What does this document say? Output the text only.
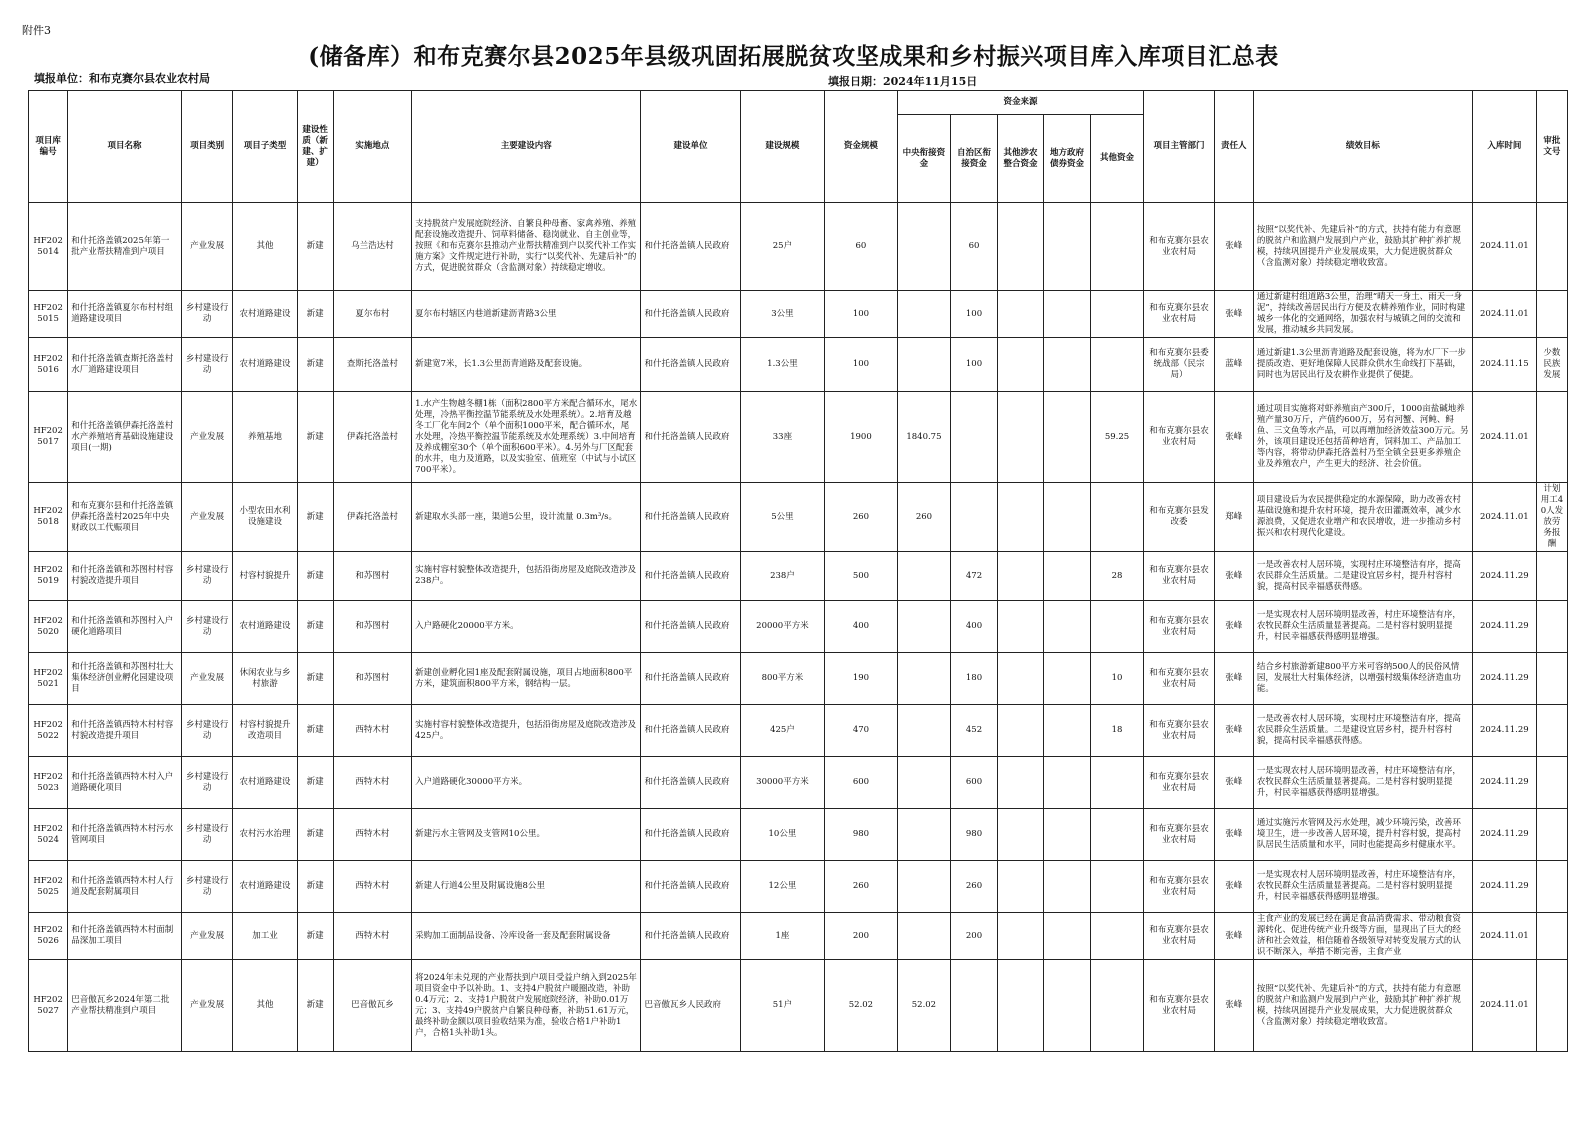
附件3
(储备库）和布克赛尔县2025年县级巩固拓展脱贫攻坚成果和乡村振兴项目库入库项目汇总表
填报单位：和布克赛尔县农业农村局	填报日期：2024年11月15日
项目库编号	项目名称	项目类别	项目子类型	建设性质（新建、扩建）	实施地点	主要建设内容	建设单位	建设规模	资金规模	资金来源					项目主管部门	责任人	绩效目标	入库时间	审批文号
										中央衔接资金	自治区衔接资金	其他涉农整合资金	地方政府债券资金	其他资金					
HF2025014	和什托洛盖镇2025年第一批产业帮扶精准到户项目	产业发展	其他	新建	乌兰浩达村	支持脱贫户发展庭院经济、自繁良种母畜、家禽养殖、养殖配套设施改造提升、饲草料储备、稳岗就业、自主创业等，按照《和布克赛尔县推动产业帮扶精准到户以奖代补工作实施方案》文件规定进行补助，实行“以奖代补、先建后补”的方式，促进脱贫群众（含监测对象）持续稳定增收。	和什托洛盖镇人民政府	25户	60		60				和布克赛尔县农业农村局	张峰	按照“以奖代补、先建后补”的方式，扶持有能力有意愿的脱贫户和监测户发展到户产业，鼓励其扩种扩养扩规模，持续巩固提升产业发展成果，大力促进脱贫群众（含监测对象）持续稳定增收致富。	2024.11.01	
HF2025015	和什托洛盖镇夏尔布村村组道路建设项目	乡村建设行动	农村道路建设	新建	夏尔布村	夏尔布村辖区内巷道新建沥青路3公里	和什托洛盖镇人民政府	3公里	100		100				和布克赛尔县农业农村局	张峰	通过新建村组道路3公里，治理“晴天一身土、雨天一身泥”，持续改善居民出行方便及农耕养殖作业，同时构建城乡一体化的交通网络，加强农村与城镇之间的交流和发展，推动城乡共同发展。	2024.11.01	
HF2025016	和什托洛盖镇查斯托洛盖村水厂道路建设项目	乡村建设行动	农村道路建设	新建	查斯托洛盖村	新建宽7米，长1.3公里沥青道路及配套设施。	和什托洛盖镇人民政府	1.3公里	100		100				和布克赛尔县委统战部（民宗局）	蓝峰	通过新建1.3公里沥青道路及配套设施，将为水厂下一步提质改造、更好地保障人民群众供水生命线打下基础，同时也为居民出行及农耕作业提供了便捷。	2024.11.15	少数民族发展
HF2025017	和什托洛盖镇伊森托洛盖村水产养殖培育基础设施建设项目(一期)	产业发展	养殖基地	新建	伊森托洛盖村	1.水产生物越冬棚1栋（面积2800平方米配合循环水，尾水处理，冷热平衡控温节能系统及水处理系统）。2.培育及越冬工厂化车间2个（单个面积1000平米，配合循环水，尾水处理，冷热平衡控温节能系统及水处理系统）3.中间培育及养成棚室30个（单个面积600平米）。4.另外与厂区配套的水井，电力及道路，以及实验室、值班室（中试与小试区700平米）。	和什托洛盖镇人民政府	33座	1900	1840.75				59.25	和布克赛尔县农业农村局	张峰	通过项目实施将对虾养殖亩产300斤，1000亩盐碱地养殖产量30万斤，产值约600万，另有河蟹、河鲀、鲟鱼、三文鱼等水产品，可以再增加经济效益300万元。另外，该项目建设还包括苗种培育，饲料加工、产品加工等内容，将带动伊森托洛盖村乃至全镇全县更多养殖企业及养殖农户，产生更大的经济、社会价值。	2024.11.01	
HF2025018	和布克赛尔县和什托洛盖镇伊森托洛盖村2025年中央财政以工代赈项目	产业发展	小型农田水利设施建设	新建	伊森托洛盖村	新建取水头部一座，渠道5公里，设计流量 0.3m³/s。	和什托洛盖镇人民政府	5公里	260	260					和布克赛尔县发改委	郑峰	项目建设后为农民提供稳定的水源保障，助力改善农村基础设施和提升农村环境，提升农田灌溉效率，减少水源浪费，又促进农业增产和农民增收，进一步推动乡村振兴和农村现代化建设。	2024.11.01	计划用工40人发放劳务报酬
HF2025019	和什托洛盖镇和苏图村村容村貌改造提升项目	乡村建设行动	村容村貌提升	新建	和苏图村	实施村容村貌整体改造提升，包括沿街房屋及庭院改造涉及238户。	和什托洛盖镇人民政府	238户	500		472			28	和布克赛尔县农业农村局	张峰	一是改善农村人居环境，实现村庄环境整洁有序，提高农民群众生活质量。二是建设宜居乡村，提升村容村貌，提高村民幸福感获得感。	2024.11.29	
HF2025020	和什托洛盖镇和苏图村入户硬化道路项目	乡村建设行动	农村道路建设	新建	和苏图村	入户路硬化20000平方米。	和什托洛盖镇人民政府	20000平方米	400		400				和布克赛尔县农业农村局	张峰	一是实现农村人居环境明显改善，村庄环境整洁有序，农牧民群众生活质量显著提高。二是村容村貌明显提升，村民幸福感获得感明显增强。	2024.11.29	
HF2025021	和什托洛盖镇和苏图村壮大集体经济创业孵化园建设项目	产业发展	休闲农业与乡村旅游	新建	和苏图村	新建创业孵化园1座及配套附属设施，项目占地面积800平方米，建筑面积800平方米，钢结构一层。	和什托洛盖镇人民政府	800平方米	190		180			10	和布克赛尔县农业农村局	张峰	结合乡村旅游新建800平方米可容纳500人的民俗风情园，发展壮大村集体经济，以增强村级集体经济造血功能。	2024.11.29	
HF2025022	和什托洛盖镇西特木村村容村貌改造提升项目	乡村建设行动	村容村貌提升改造项目	新建	西特木村	实施村容村貌整体改造提升，包括沿街房屋及庭院改造涉及425户。	和什托洛盖镇人民政府	425户	470		452			18	和布克赛尔县农业农村局	张峰	一是改善农村人居环境，实现村庄环境整洁有序，提高农民群众生活质量。二是建设宜居乡村，提升村容村貌，提高村民幸福感获得感。	2024.11.29	
HF2025023	和什托洛盖镇西特木村入户道路硬化项目	乡村建设行动	农村道路建设	新建	西特木村	入户道路硬化30000平方米。	和什托洛盖镇人民政府	30000平方米	600		600				和布克赛尔县农业农村局	张峰	一是实现农村人居环境明显改善，村庄环境整洁有序，农牧民群众生活质量显著提高。二是村容村貌明显提升，村民幸福感获得感明显增强。	2024.11.29	
HF2025024	和什托洛盖镇西特木村污水管网项目	乡村建设行动	农村污水治理	新建	西特木村	新建污水主管网及支管网10公里。	和什托洛盖镇人民政府	10公里	980		980				和布克赛尔县农业农村局	张峰	通过实施污水管网及污水处理，减少环境污染，改善环境卫生，进一步改善人居环境，提升村容村貌，提高村队居民生活质量和水平，同时也能提高乡村健康水平。	2024.11.29	
HF2025025	和什托洛盖镇西特木村人行道及配套附属项目	乡村建设行动	农村道路建设	新建	西特木村	新建人行道4公里及附属设施8公里	和什托洛盖镇人民政府	12公里	260		260				和布克赛尔县农业农村局	张峰	一是实现农村人居环境明显改善，村庄环境整洁有序，农牧民群众生活质量显著提高。二是村容村貌明显提升，村民幸福感获得感明显增强。	2024.11.29	
HF2025026	和什托洛盖镇西特木村面制品深加工项目	产业发展	加工业	新建	西特木村	采购加工面制品设备、冷库设备一套及配套附属设备	和什托洛盖镇人民政府	1座	200		200				和布克赛尔县农业农村局	张峰	主食产业的发展已经在满足食品消费需求、带动粮食资源转化、促进传统产业升级等方面，显现出了巨大的经济和社会效益，相信随着各级领导对转变发展方式的认识不断深入，举措不断完善，主食产业	2024.11.01	
HF2025027	巴音傲瓦乡2024年第二批产业帮扶精准到户项目	产业发展	其他	新建	巴音傲瓦乡	将2024年未兑现的产业帮扶到户项目受益户纳入到2025年项目资金中予以补助。1、支持4户脱贫户暖圈改造，补助0.4万元；2、支持1户脱贫户发展庭院经济，补助0.01万元；3、支持49户脱贫户自繁良种母畜，补助51.61万元，最终补助金额以项目验收结果为准，验收合格1户补助1户，合格1头补助1头。	巴音傲瓦乡人民政府	51户	52.02	52.02					和布克赛尔县农业农村局	张峰	按照“以奖代补、先建后补”的方式，扶持有能力有意愿的脱贫户和监测户发展到户产业，鼓励其扩种扩养扩规模，持续巩固提升产业发展成果，大力促进脱贫群众（含监测对象）持续稳定增收致富。	2024.11.01	
